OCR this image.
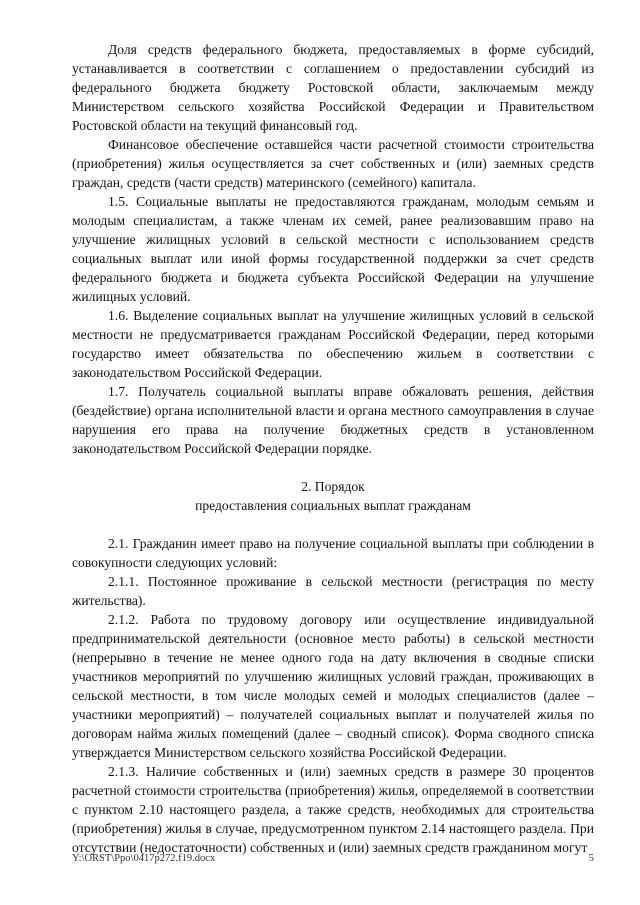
Доля средств федерального бюджета, предоставляемых в форме субсидий, устанавливается в соответствии с соглашением о предоставлении субсидий из федерального бюджета бюджету Ростовской области, заключаемым между Министерством сельского хозяйства Российской Федерации и Правительством Ростовской области на текущий финансовый год.

Финансовое обеспечение оставшейся части расчетной стоимости строительства (приобретения) жилья осуществляется за счет собственных и (или) заемных средств граждан, средств (части средств) материнского (семейного) капитала.

1.5. Социальные выплаты не предоставляются гражданам, молодым семьям и молодым специалистам, а также членам их семей, ранее реализовавшим право на улучшение жилищных условий в сельской местности с использованием средств социальных выплат или иной формы государственной поддержки за счет средств федерального бюджета и бюджета субъекта Российской Федерации на улучшение жилищных условий.

1.6. Выделение социальных выплат на улучшение жилищных условий в сельской местности не предусматривается гражданам Российской Федерации, перед которыми государство имеет обязательства по обеспечению жильем в соответствии с законодательством Российской Федерации.

1.7. Получатель социальной выплаты вправе обжаловать решения, действия (бездействие) органа исполнительной власти и органа местного самоуправления в случае нарушения его права на получение бюджетных средств в установленном законодательством Российской Федерации порядке.

2. Порядок
предоставления социальных выплат гражданам

2.1. Гражданин имеет право на получение социальной выплаты при соблюдении в совокупности следующих условий:

2.1.1. Постоянное проживание в сельской местности (регистрация по месту жительства).

2.1.2. Работа по трудовому договору или осуществление индивидуальной предпринимательской деятельности (основное место работы) в сельской местности (непрерывно в течение не менее одного года на дату включения в сводные списки участников мероприятий по улучшению жилищных условий граждан, проживающих в сельской местности, в том числе молодых семей и молодых специалистов (далее – участники мероприятий) – получателей социальных выплат и получателей жилья по договорам найма жилых помещений (далее – сводный список). Форма сводного списка утверждается Министерством сельского хозяйства Российской Федерации.

2.1.3. Наличие собственных и (или) заемных средств в размере 30 процентов расчетной стоимости строительства (приобретения) жилья, определяемой в соответствии с пунктом 2.10 настоящего раздела, а также средств, необходимых для строительства (приобретения) жилья в случае, предусмотренном пунктом 2.14 настоящего раздела. При отсутствии (недостаточности) собственных и (или) заемных средств гражданином могут

Y:\ORST\Ppo\0417p272.f19.docx	5
